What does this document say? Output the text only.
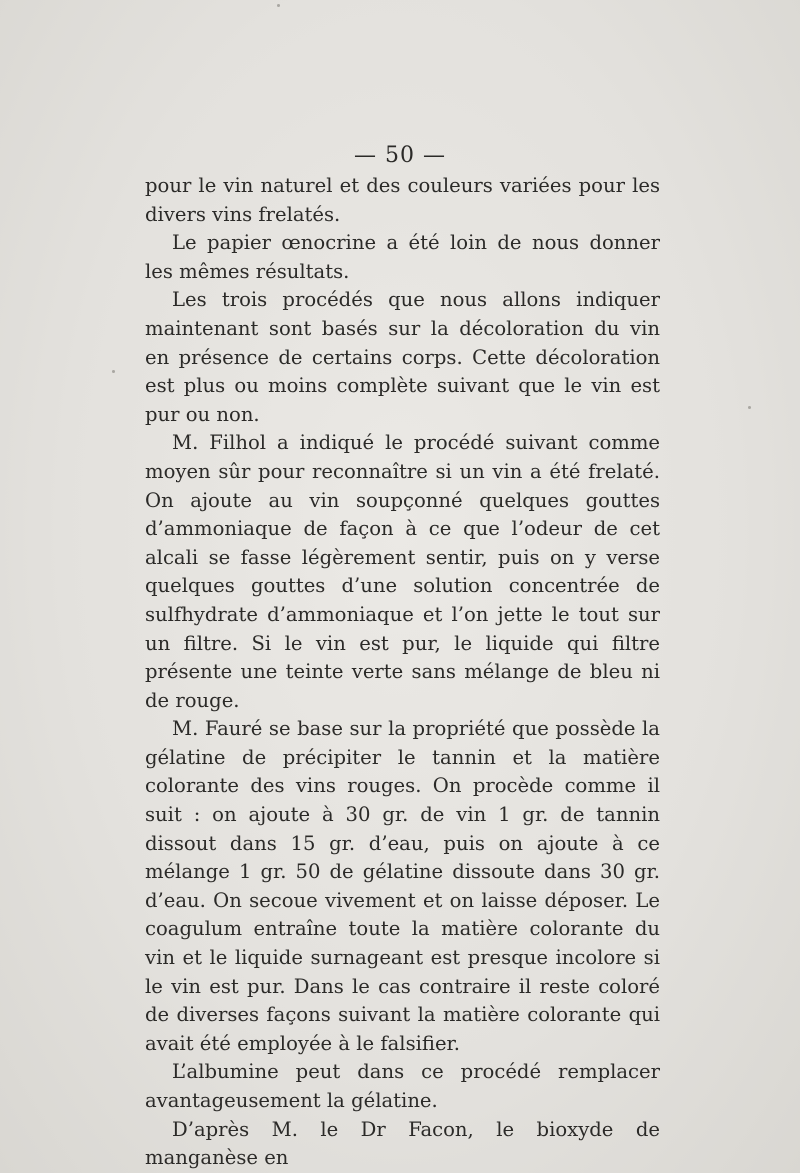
— 50 —

pour le vin naturel et des couleurs variées pour les divers vins frelatés.

Le papier œnocrine a été loin de nous donner les mêmes résultats.

Les trois procédés que nous allons indiquer maintenant sont basés sur la décoloration du vin en présence de certains corps. Cette décoloration est plus ou moins complète suivant que le vin est pur ou non.

M. Filhol a indiqué le procédé suivant comme moyen sûr pour reconnaître si un vin a été frelaté. On ajoute au vin soupçonné quelques gouttes d’ammoniaque de façon à ce que l’odeur de cet alcali se fasse légèrement sentir, puis on y verse quelques gouttes d’une solution concentrée de sulfhydrate d’ammoniaque et l’on jette le tout sur un filtre. Si le vin est pur, le liquide qui filtre présente une teinte verte sans mélange de bleu ni de rouge.

M. Fauré se base sur la propriété que possède la gélatine de précipiter le tannin et la matière colorante des vins rouges. On procède comme il suit : on ajoute à 30 gr. de vin 1 gr. de tannin dissout dans 15 gr. d’eau, puis on ajoute à ce mélange 1 gr. 50 de gélatine dissoute dans 30 gr. d’eau. On secoue vivement et on laisse déposer. Le coagulum entraîne toute la matière colorante du vin et le liquide surnageant est presque incolore si le vin est pur. Dans le cas contraire il reste coloré de diverses façons suivant la matière colorante qui avait été employée à le falsifier.

L’albumine peut dans ce procédé remplacer avantageusement la gélatine.

D’après M. le Dr Facon, le bioxyde de manganèse en
